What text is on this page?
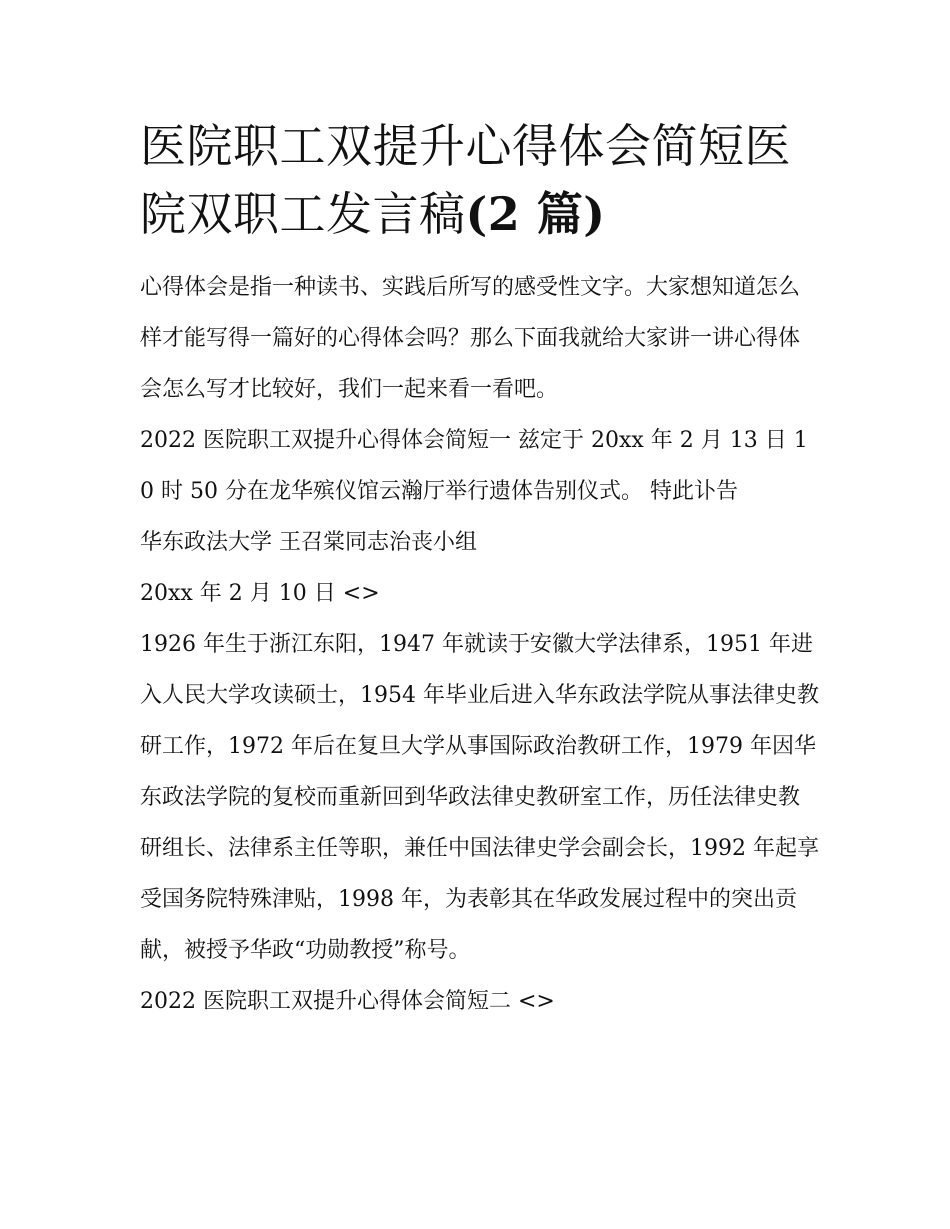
医院职工双提升心得体会简短医院双职工发言稿(2 篇)

心得体会是指一种读书、实践后所写的感受性文字。大家想知道怎么样才能写得一篇好的心得体会吗？那么下面我就给大家讲一讲心得体会怎么写才比较好，我们一起来看一看吧。

2022 医院职工双提升心得体会简短一 兹定于 20xx 年 2 月 13 日 10 时 50 分在龙华殡仪馆云瀚厅举行遗体告别仪式。 特此讣告

华东政法大学 王召棠同志治丧小组

20xx 年 2 月 10 日 <>

1926 年生于浙江东阳，1947 年就读于安徽大学法律系，1951 年进入人民大学攻读硕士，1954 年毕业后进入华东政法学院从事法律史教研工作，1972 年后在复旦大学从事国际政治教研工作，1979 年因华东政法学院的复校而重新回到华政法律史教研室工作，历任法律史教研组长、法律系主任等职，兼任中国法律史学会副会长，1992 年起享受国务院特殊津贴，1998 年，为表彰其在华政发展过程中的突出贡献，被授予华政“功勋教授”称号。

2022 医院职工双提升心得体会简短二 <>
